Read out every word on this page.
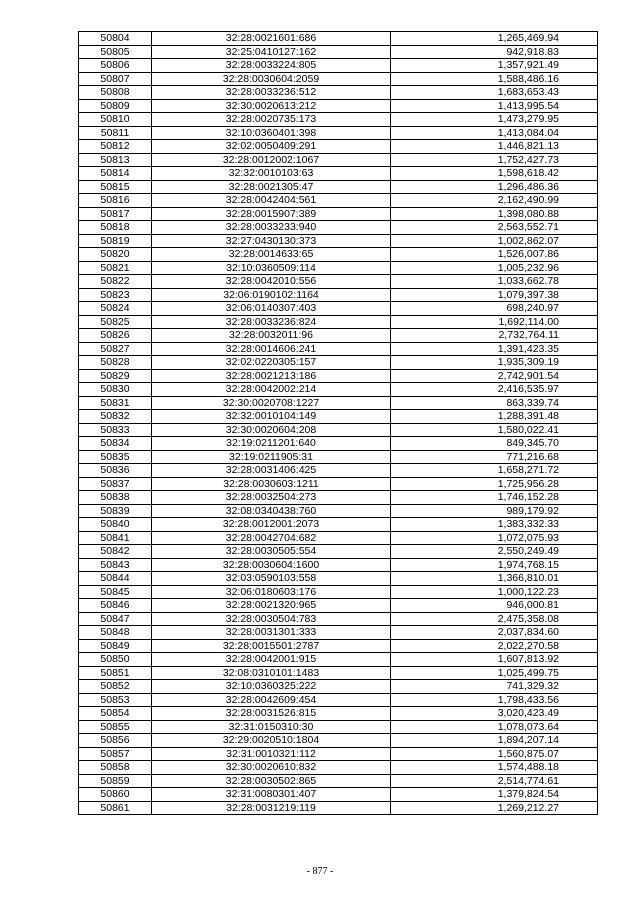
50804	32:28:0021601:686	1,265,469.94
50805	32:25:0410127:162	942,918.83
50806	32:28:0033224:805	1,357,921.49
50807	32:28:0030604:2059	1,588,486.16
50808	32:28:0033236:512	1,683,653.43
50809	32:30:0020613:212	1,413,995.54
50810	32:28:0020735:173	1,473,279.95
50811	32:10:0360401:398	1,413,084.04
50812	32:02:0050409:291	1,446,821.13
50813	32:28:0012002:1067	1,752,427.73
50814	32:32:0010103:63	1,598,618.42
50815	32:28:0021305:47	1,296,486.36
50816	32:28:0042404:561	2,162,490.99
50817	32:28:0015907:389	1,398,080.88
50818	32:28:0033233:940	2,563,552.71
50819	32:27:0430130:373	1,002,862.07
50820	32:28:0014633:65	1,526,007.86
50821	32:10:0360509:114	1,005,232.96
50822	32:28:0042010:556	1,033,662.78
50823	32:06:0190102:1164	1,079,397.38
50824	32:06:0140307:403	698,240.97
50825	32:28:0033236:824	1,692,114.00
50826	32:28:0032011:96	2,732,764.11
50827	32:28:0014606:241	1,391,423.35
50828	32:02:0220305:157	1,935,309.19
50829	32:28:0021213:186	2,742,901.54
50830	32:28:0042002:214	2,416,535.97
50831	32:30:0020708:1227	863,339.74
50832	32:32:0010104:149	1,288,391.48
50833	32:30:0020604:208	1,580,022.41
50834	32:19:0211201:640	849,345.70
50835	32:19:0211905:31	771,216.68
50836	32:28:0031406:425	1,658,271.72
50837	32:28:0030603:1211	1,725,956.28
50838	32:28:0032504:273	1,746,152.28
50839	32:08:0340438:760	989,179.92
50840	32:28:0012001:2073	1,383,332.33
50841	32:28:0042704:682	1,072,075.93
50842	32:28:0030505:554	2,550,249.49
50843	32:28:0030604:1600	1,974,768.15
50844	32:03:0590103:558	1,366,810.01
50845	32:06:0180603:176	1,000,122.23
50846	32:28:0021320:965	946,000.81
50847	32:28:0030504:783	2,475,358.08
50848	32:28:0031301:333	2,037,834.60
50849	32:28:0015501:2787	2,022,270.58
50850	32:28:0042001:915	1,607,813.92
50851	32:08:0310101:1483	1,025,499.75
50852	32:10:0360325:222	741,329.32
50853	32:28:0042609:454	1,798,433.56
50854	32:28:0031526:815	3,020,423.49
50855	32:31:0150310:30	1,078,073.64
50856	32:29:0020510:1804	1,894,207.14
50857	32:31:0010321:112	1,560,875.07
50858	32:30:0020610:832	1,574,488.18
50859	32:28:0030502:865	2,514,774.61
50860	32:31:0080301:407	1,379,824.54
50861	32:28:0031219:119	1,269,212.27
- 877 -
